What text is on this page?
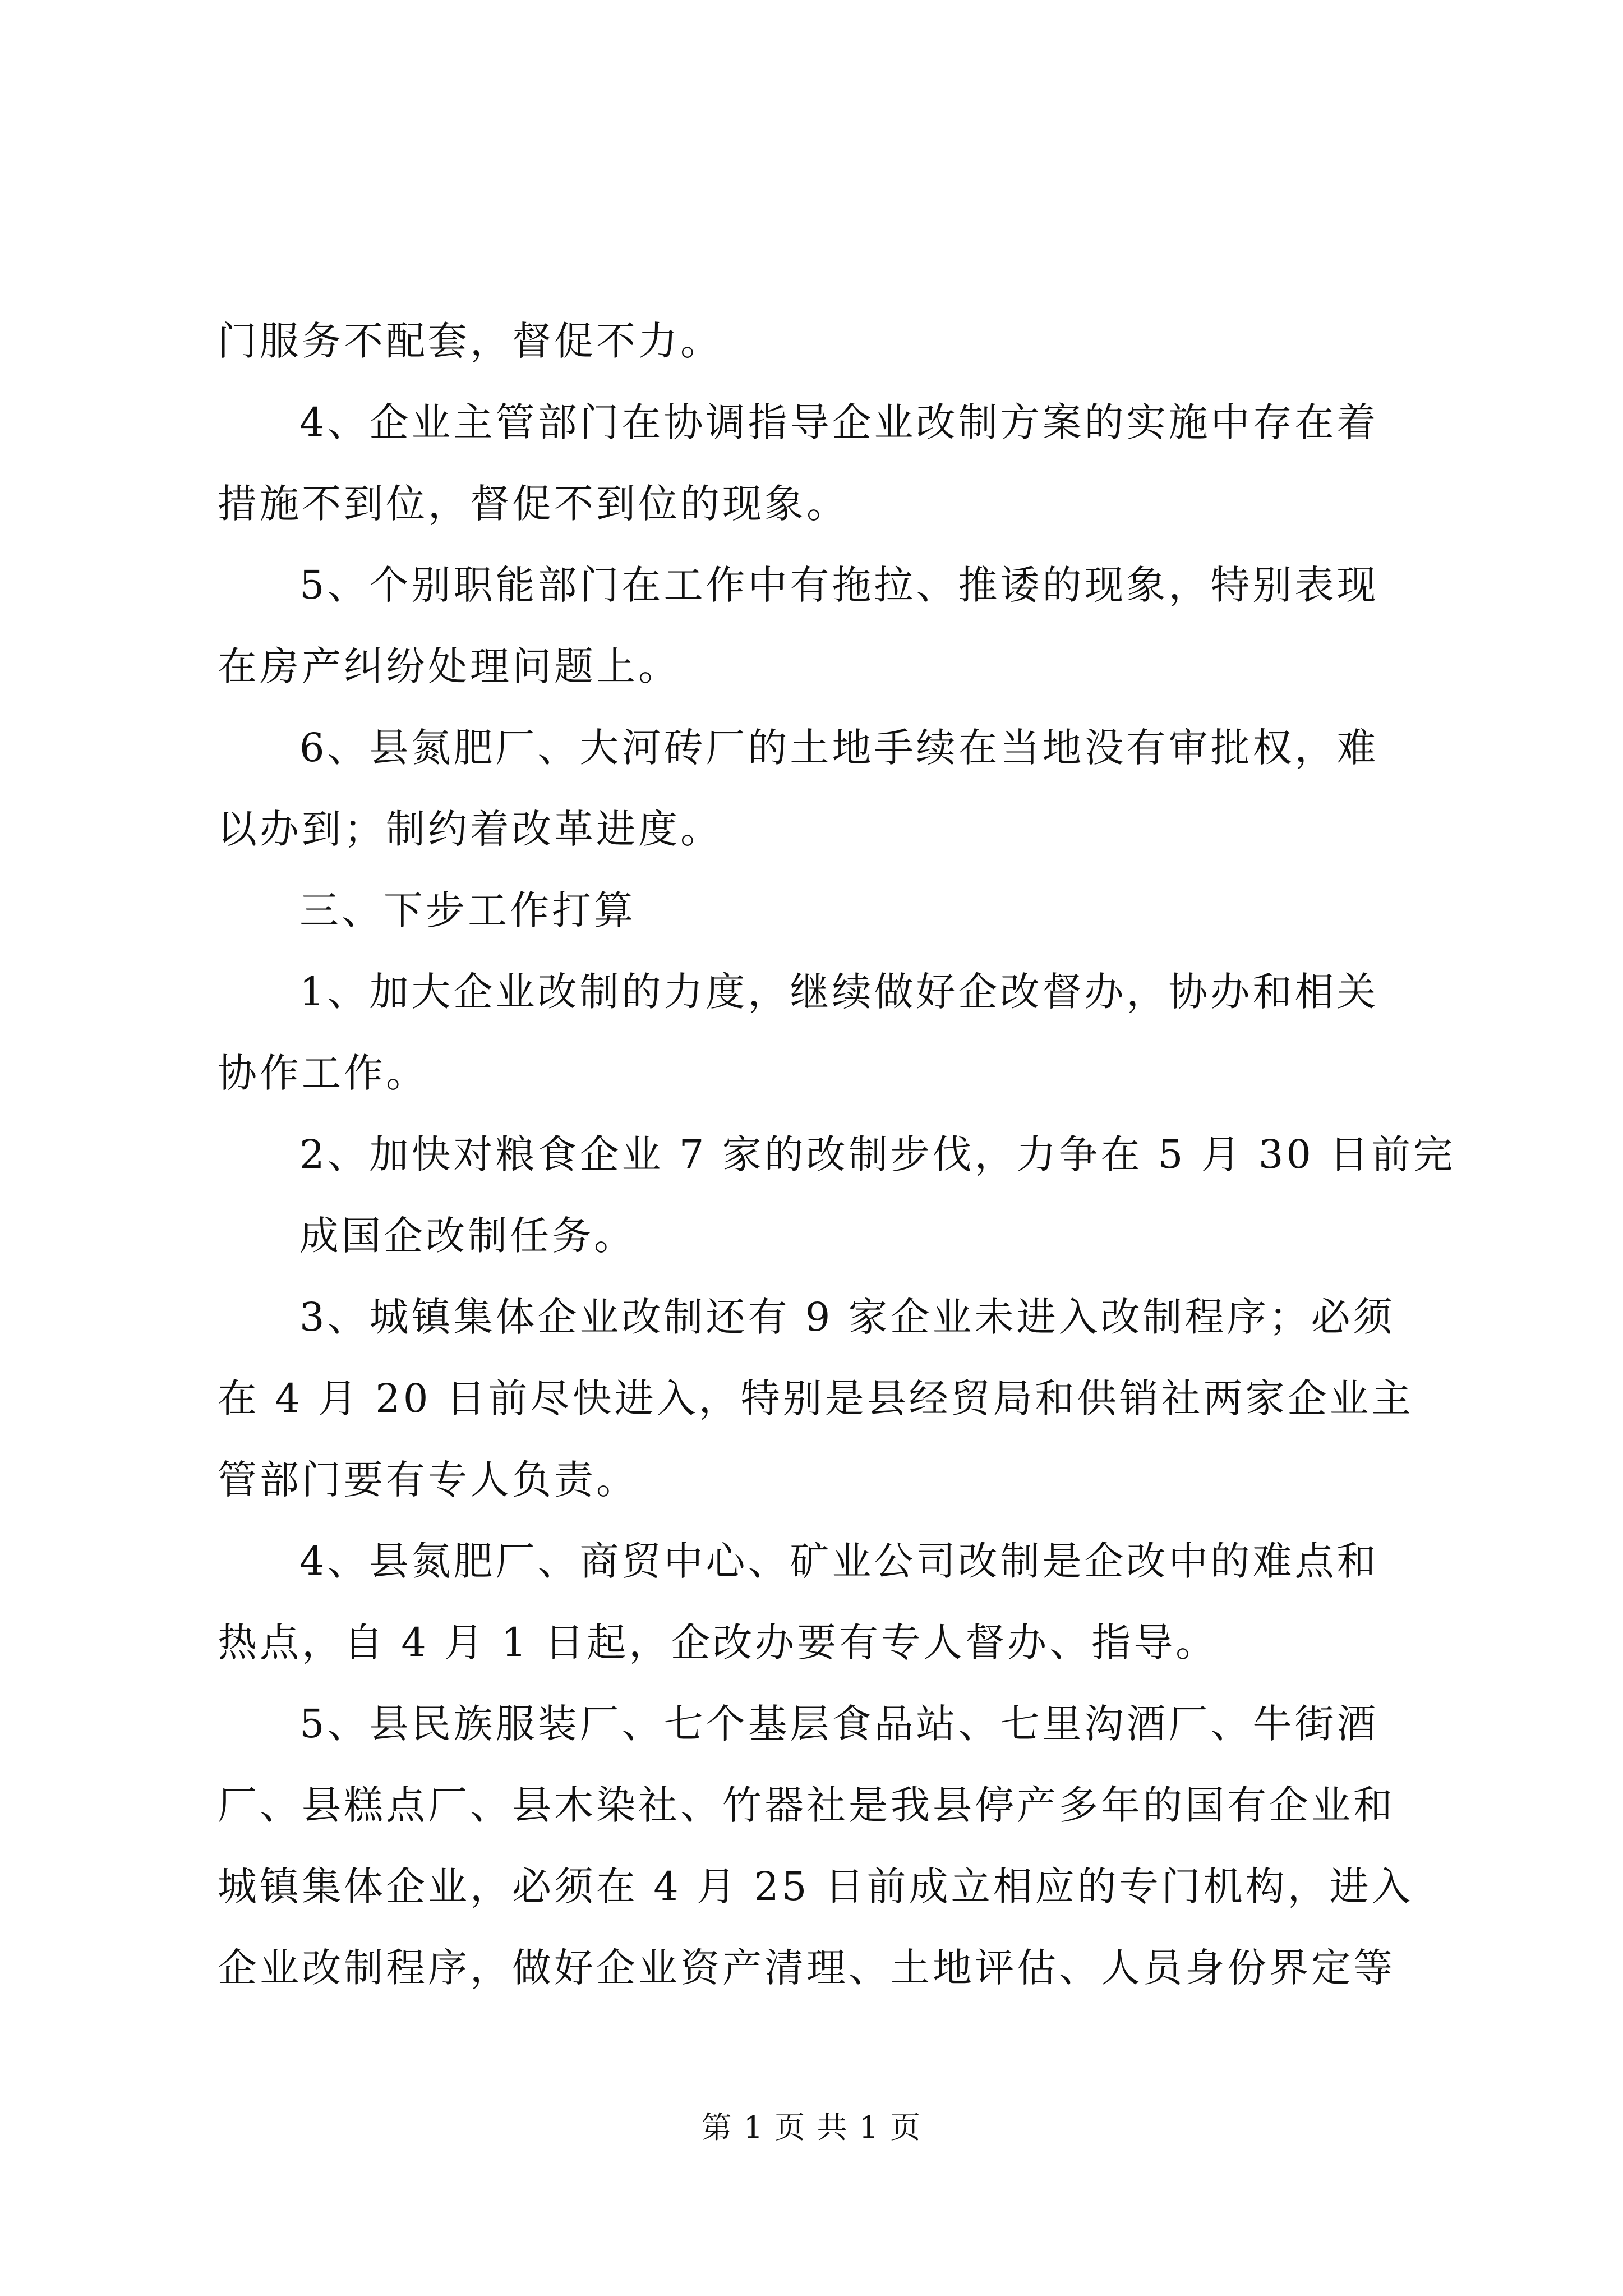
门服务不配套，督促不力。
4、企业主管部门在协调指导企业改制方案的实施中存在着
措施不到位，督促不到位的现象。
5、个别职能部门在工作中有拖拉、推诿的现象，特别表现
在房产纠纷处理问题上。
6、县氮肥厂、大河砖厂的土地手续在当地没有审批权，难
以办到；制约着改革进度。
三、下步工作打算
1、加大企业改制的力度，继续做好企改督办，协办和相关
协作工作。
2、加快对粮食企业 7 家的改制步伐，力争在 5 月 30 日前完
成国企改制任务。
3、城镇集体企业改制还有 9 家企业未进入改制程序；必须
在 4 月 20 日前尽快进入，特别是县经贸局和供销社两家企业主
管部门要有专人负责。
4、县氮肥厂、商贸中心、矿业公司改制是企改中的难点和
热点，自 4 月 1 日起，企改办要有专人督办、指导。
5、县民族服装厂、七个基层食品站、七里沟酒厂、牛街酒
厂、县糕点厂、县木染社、竹器社是我县停产多年的国有企业和
城镇集体企业，必须在 4 月 25 日前成立相应的专门机构，进入
企业改制程序，做好企业资产清理、土地评估、人员身份界定等
第 1 页 共 1 页
